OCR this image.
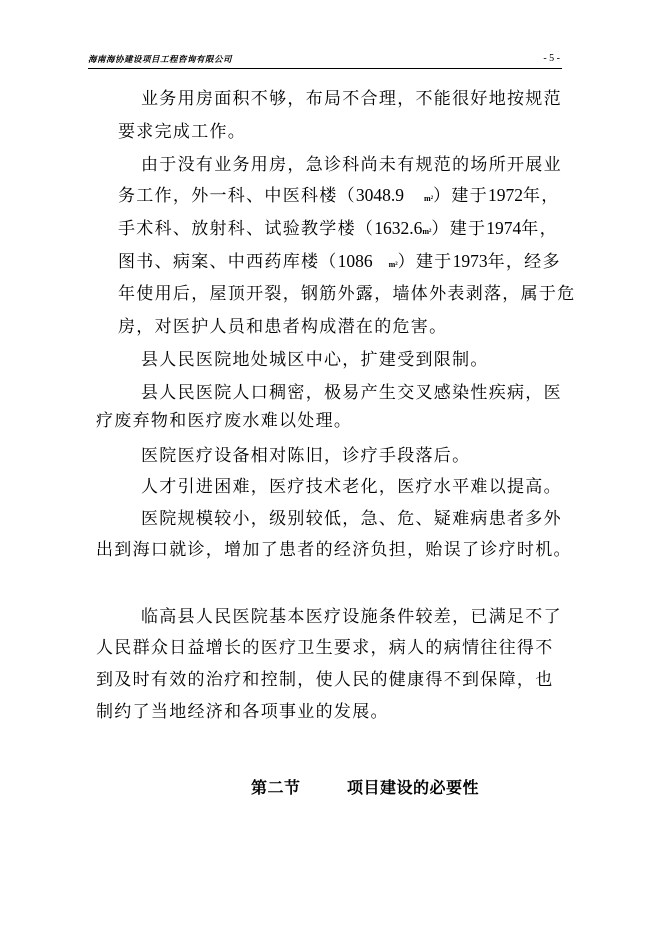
海南海协建设项目工程咨询有限公司	- 5 -
业务用房面积不够，布局不合理，不能很好地按规范
要求完成工作。
由于没有业务用房，急诊科尚未有规范的场所开展业
务工作，外一科、中医科楼（3048.9	m²）建于1972年，
手术科、放射科、试验教学楼（1632.6m²）建于1974年，
图书、病案、中西药库楼（1086 m²）建于1973年，经多
年使用后，屋顶开裂，钢筋外露，墙体外表剥落，属于危
房，对医护人员和患者构成潜在的危害。
县人民医院地处城区中心，扩建受到限制。
县人民医院人口稠密，极易产生交叉感染性疾病，医
疗废弃物和医疗废水难以处理。
医院医疗设备相对陈旧，诊疗手段落后。
人才引进困难，医疗技术老化，医疗水平难以提高。
医院规模较小，级别较低，急、危、疑难病患者多外
出到海口就诊，增加了患者的经济负担，贻误了诊疗时机。
临高县人民医院基本医疗设施条件较差，已满足不了
人民群众日益增长的医疗卫生要求，病人的病情往往得不
到及时有效的治疗和控制，使人民的健康得不到保障，也
制约了当地经济和各项事业的发展。
第二节	项目建设的必要性
